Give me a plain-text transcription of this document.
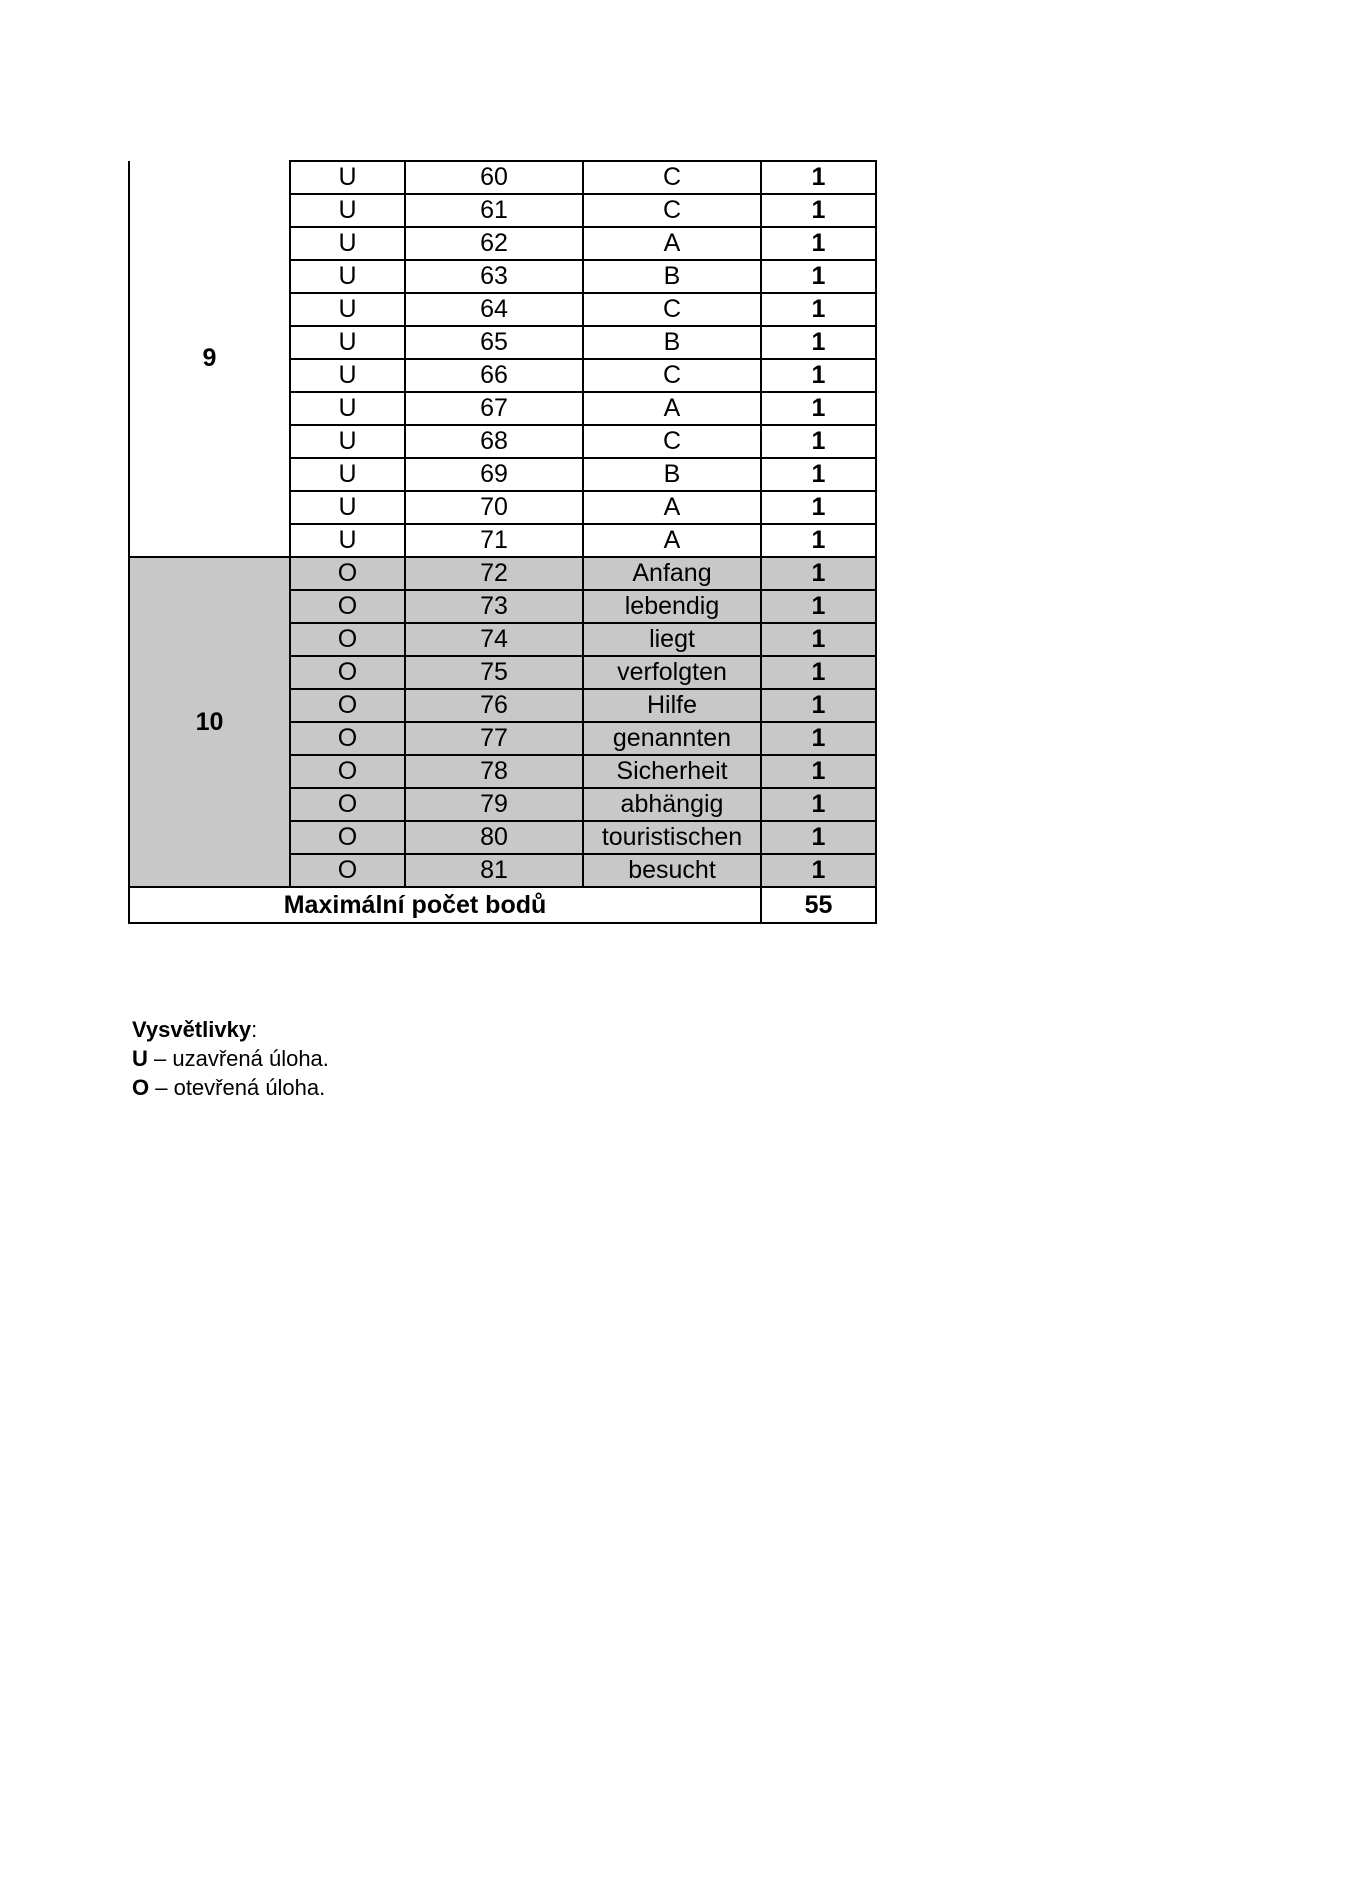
9	U	60	C	1
	U	61	C	1
	U	62	A	1
	U	63	B	1
	U	64	C	1
	U	65	B	1
	U	66	C	1
	U	67	A	1
	U	68	C	1
	U	69	B	1
	U	70	A	1
	U	71	A	1
10	O	72	Anfang	1
	O	73	lebendig	1
	O	74	liegt	1
	O	75	verfolgten	1
	O	76	Hilfe	1
	O	77	genannten	1
	O	78	Sicherheit	1
	O	79	abhängig	1
	O	80	touristischen	1
	O	81	besucht	1
Maximální počet bodů				55
Vysvětlivky:
U – uzavřená úloha.
O – otevřená úloha.
